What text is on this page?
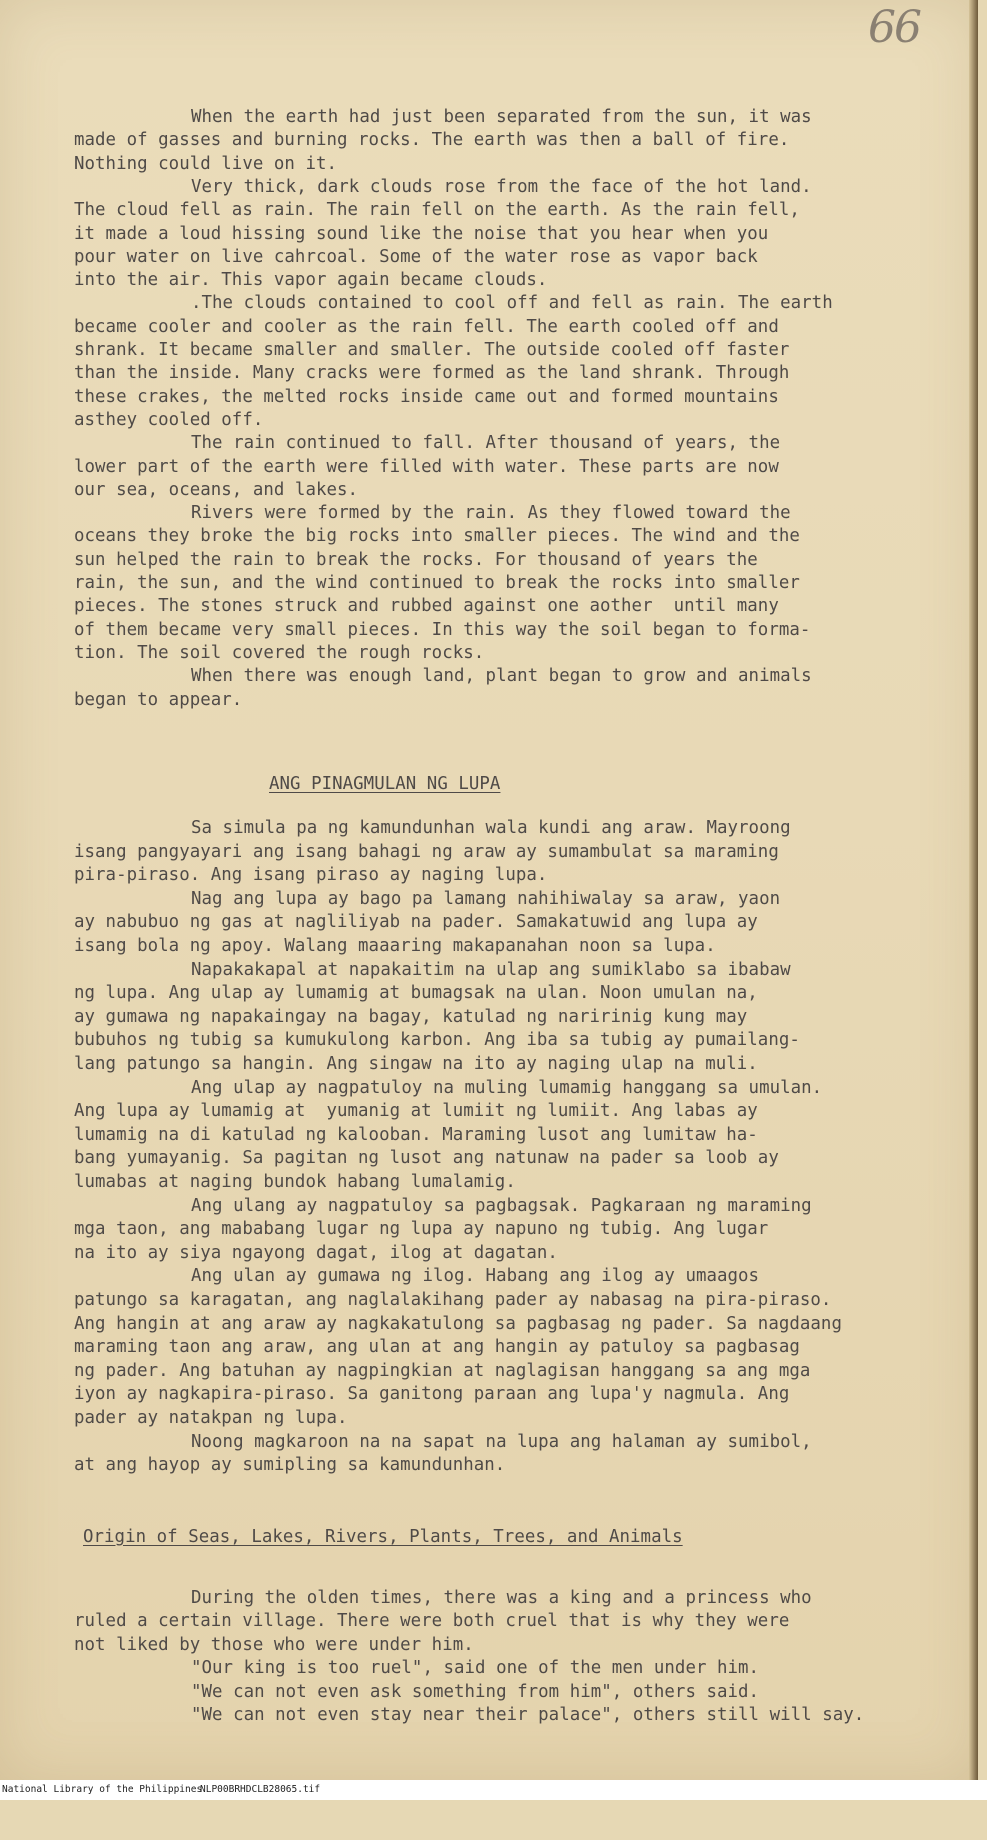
66
When the earth had just been separated from the sun, it was
made of gasses and burning rocks. The earth was then a ball of fire.
Nothing could live on it.
Very thick, dark clouds rose from the face of the hot land.
The cloud fell as rain. The rain fell on the earth. As the rain fell,
it made a loud hissing sound like the noise that you hear when you
pour water on live cahrcoal. Some of the water rose as vapor back
into the air. This vapor again became clouds.
.The clouds contained to cool off and fell as rain. The earth
became cooler and cooler as the rain fell. The earth cooled off and
shrank. It became smaller and smaller. The outside cooled off faster
than the inside. Many cracks were formed as the land shrank. Through
these crakes, the melted rocks inside came out and formed mountains
asthey cooled off.
The rain continued to fall. After thousand of years, the
lower part of the earth were filled with water. These parts are now
our sea, oceans, and lakes.
Rivers were formed by the rain. As they flowed toward the
oceans they broke the big rocks into smaller pieces. The wind and the
sun helped the rain to break the rocks. For thousand of years the
rain, the sun, and the wind continued to break the rocks into smaller
pieces. The stones struck and rubbed against one aother  until many
of them became very small pieces. In this way the soil began to forma-
tion. The soil covered the rough rocks.
When there was enough land, plant began to grow and animals
began to appear.
ANG PINAGMULAN NG LUPA
Sa simula pa ng kamundunhan wala kundi ang araw. Mayroong
isang pangyayari ang isang bahagi ng araw ay sumambulat sa maraming
pira-piraso. Ang isang piraso ay naging lupa.
Nag ang lupa ay bago pa lamang nahihiwalay sa araw, yaon
ay nabubuo ng gas at nagliliyab na pader. Samakatuwid ang lupa ay
isang bola ng apoy. Walang maaaring makapanahan noon sa lupa.
Napakakapal at napakaitim na ulap ang sumiklabo sa ibabaw
ng lupa. Ang ulap ay lumamig at bumagsak na ulan. Noon umulan na,
ay gumawa ng napakaingay na bagay, katulad ng naririnig kung may
bubuhos ng tubig sa kumukulong karbon. Ang iba sa tubig ay pumailang-
lang patungo sa hangin. Ang singaw na ito ay naging ulap na muli.
Ang ulap ay nagpatuloy na muling lumamig hanggang sa umulan.
Ang lupa ay lumamig at  yumanig at lumiit ng lumiit. Ang labas ay
lumamig na di katulad ng kalooban. Maraming lusot ang lumitaw ha-
bang yumayanig. Sa pagitan ng lusot ang natunaw na pader sa loob ay
lumabas at naging bundok habang lumalamig.
Ang ulang ay nagpatuloy sa pagbagsak. Pagkaraan ng maraming
mga taon, ang mababang lugar ng lupa ay napuno ng tubig. Ang lugar
na ito ay siya ngayong dagat, ilog at dagatan.
Ang ulan ay gumawa ng ilog. Habang ang ilog ay umaagos
patungo sa karagatan, ang naglalakihang pader ay nabasag na pira-piraso.
Ang hangin at ang araw ay nagkakatulong sa pagbasag ng pader. Sa nagdaang
maraming taon ang araw, ang ulan at ang hangin ay patuloy sa pagbasag
ng pader. Ang batuhan ay nagpingkian at naglagisan hanggang sa ang mga
iyon ay nagkapira-piraso. Sa ganitong paraan ang lupa'y nagmula. Ang
pader ay natakpan ng lupa.
Noong magkaroon na na sapat na lupa ang halaman ay sumibol,
at ang hayop ay sumipling sa kamundunhan.
Origin of Seas, Lakes, Rivers, Plants, Trees, and Animals
During the olden times, there was a king and a princess who
ruled a certain village. There were both cruel that is why they were
not liked by those who were under him.
"Our king is too ruel", said one of the men under him.
"We can not even ask something from him", others said.
"We can not even stay near their palace", others still will say.

National Library of the Philippines

NLP00BRHDCLB28065.tif
